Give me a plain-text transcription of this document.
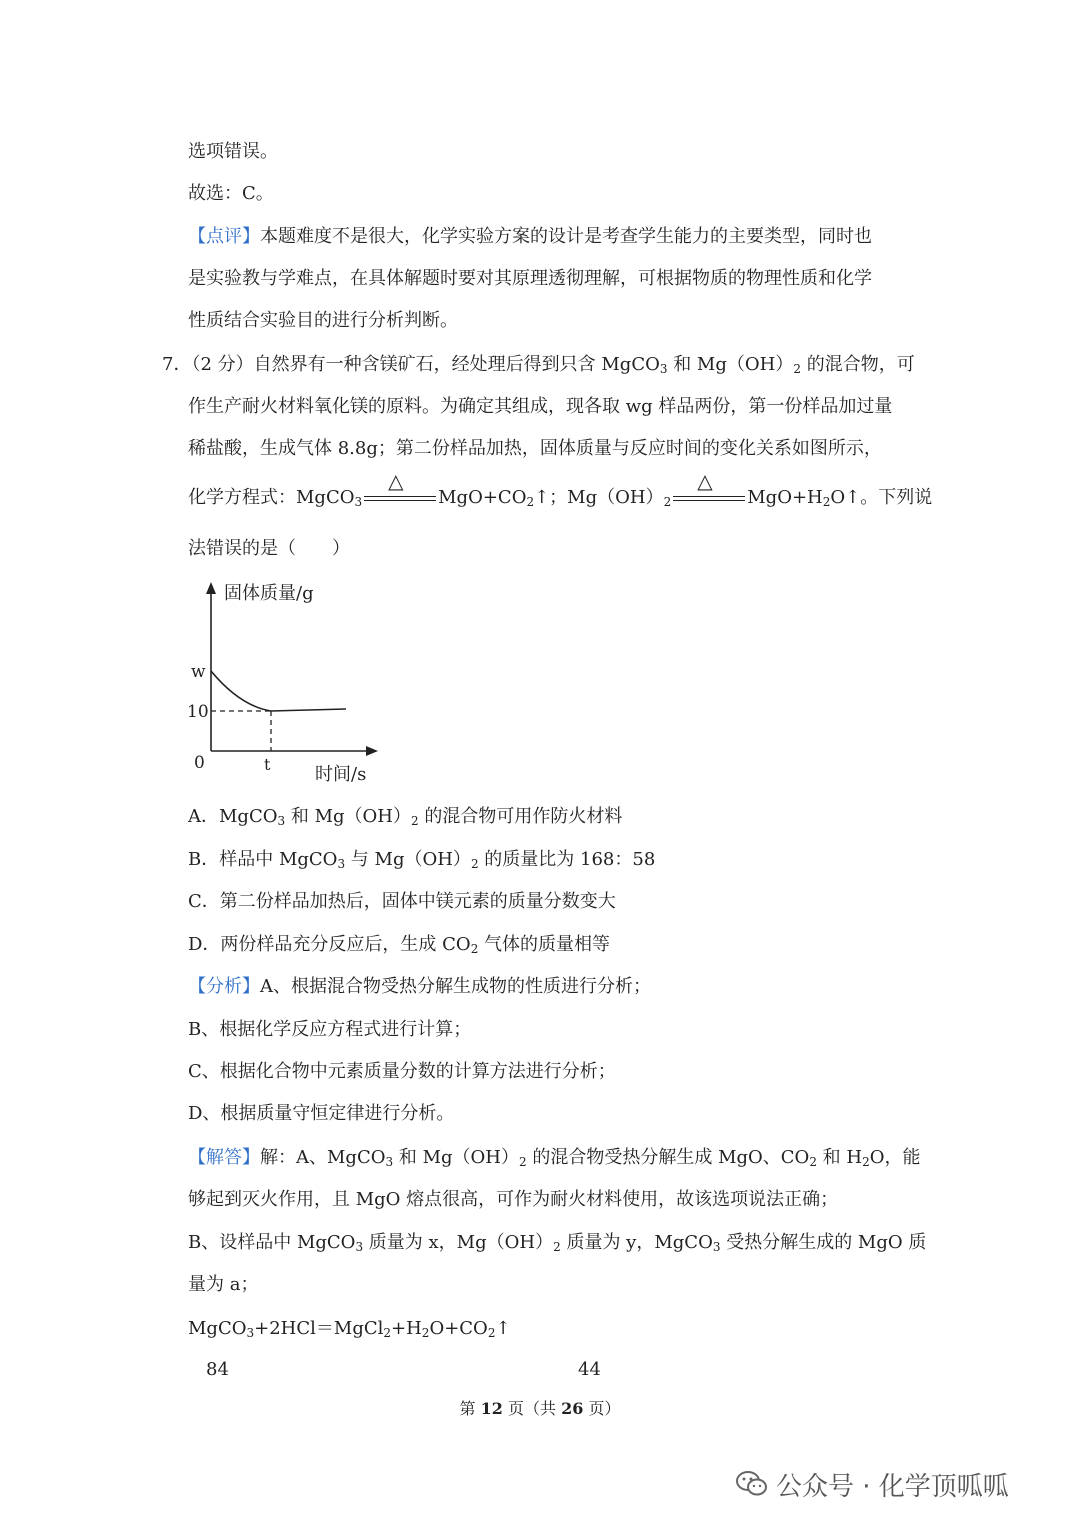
选项错误。
故选：C。
【点评】本题难度不是很大，化学实验方案的设计是考查学生能力的主要类型，同时也
是实验教与学难点，在具体解题时要对其原理透彻理解，可根据物质的物理性质和化学
性质结合实验目的进行分析判断。
7．（2 分）自然界有一种含镁矿石，经处理后得到只含 MgCO$_3$ 和 $Mg(OH)_2$ 的混合物，可
作生产耐火材料氧化镁的原料。为确定其组成，现各取 wg 样品两份，第一份样品加过量
稀盐酸，生成气体 8.8g；第二份样品加热，固体质量与反应时间的变化关系如图所示，
化学方程式：MgCO$_3$
△
$MgO+CO_2↑$；$Mg(OH)_2$
△
$MgO+H_2O↑$。下列说
法错误的是（　　）
固体质量/g
w
10
0	t 时间/s
A．MgCO$_3$ 和 $Mg(OH)_2$ 的混合物可用作防火材料
B．样品中 MgCO$_3$ 与 $Mg(OH)_2$ 的质量比为 168：58
C．第二份样品加热后，固体中镁元素的质量分数变大
D．两份样品充分反应后，生成 $CO_2$ 气体的质量相等
【分析】A、根据混合物受热分解生成物的性质进行分析；
B、根据化学反应方程式进行计算；
C、根据化合物中元素质量分数的计算方法进行分析；
D、根据质量守恒定律进行分析。
【解答】解：A、MgCO$_3$ 和 $Mg(OH)_2$ 的混合物受热分解生成 MgO、$CO_2$ 和 $H_2O$，能
够起到灭火作用，且 MgO 熔点很高，可作为耐火材料使用，故该选项说法正确；
B、设样品中 MgCO$_3$ 质量为 x，$Mg(OH)_2$ 质量为 y，MgCO$_3$ 受热分解生成的 MgO 质
量为 a；
$MgCO_3+2HCl=MgCl_2+H_2O+CO_2↑$
84	44
第 12 页（共 26 页）
公众号 · 化学顶呱呱
